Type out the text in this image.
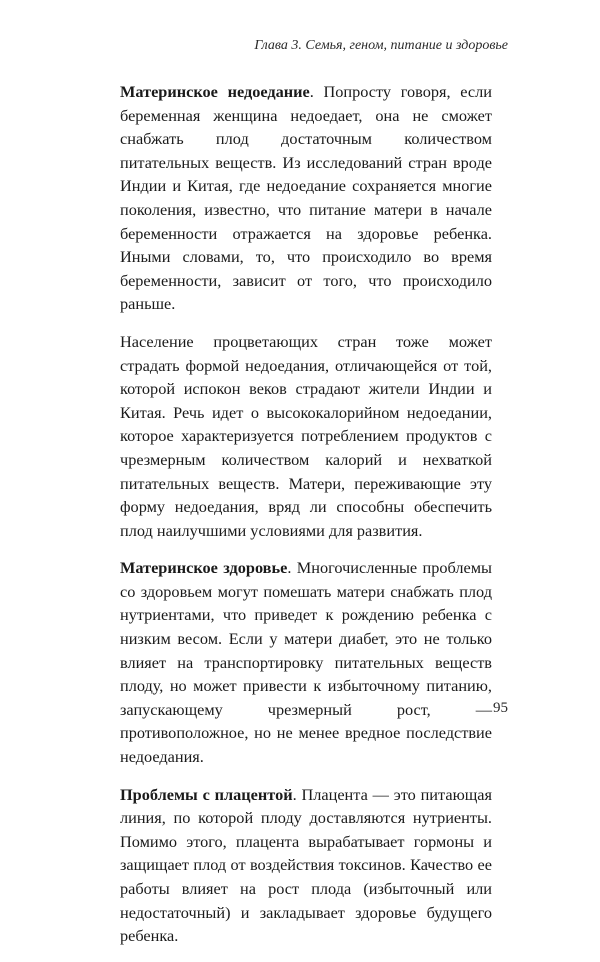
Глава 3. Семья, геном, питание и здоровье

Материнское недоедание. Попросту говоря, если беременная женщина недоедает, она не сможет снабжать плод достаточным количеством питательных веществ. Из исследований стран вроде Индии и Китая, где недоедание сохраняется многие поколения, известно, что питание матери в начале беременности отражается на здоровье ребенка. Иными словами, то, что происходило во время беременности, зависит от того, что происходило раньше.

Население процветающих стран тоже может страдать формой недоедания, отличающейся от той, которой испокон веков страдают жители Индии и Китая. Речь идет о высококалорийном недоедании, которое характеризуется потреблением продуктов с чрезмерным количеством калорий и нехваткой питательных веществ. Матери, переживающие эту форму недоедания, вряд ли способны обеспечить плод наилучшими условиями для развития.

Материнское здоровье. Многочисленные проблемы со здоровьем могут помешать матери снабжать плод нутриентами, что приведет к рождению ребенка с низким весом. Если у матери диабет, это не только влияет на транспортировку питательных веществ плоду, но может привести к избыточному питанию, запускающему чрезмерный рост, — противоположное, но не менее вредное последствие недоедания.

Проблемы с плацентой. Плацента — это питающая линия, по которой плоду доставляются нутриенты. Помимо этого, плацента вырабатывает гормоны и защищает плод от воздействия токсинов. Качество ее работы влияет на рост плода (избыточный или недостаточный) и закладывает здоровье будущего ребенка.

95
